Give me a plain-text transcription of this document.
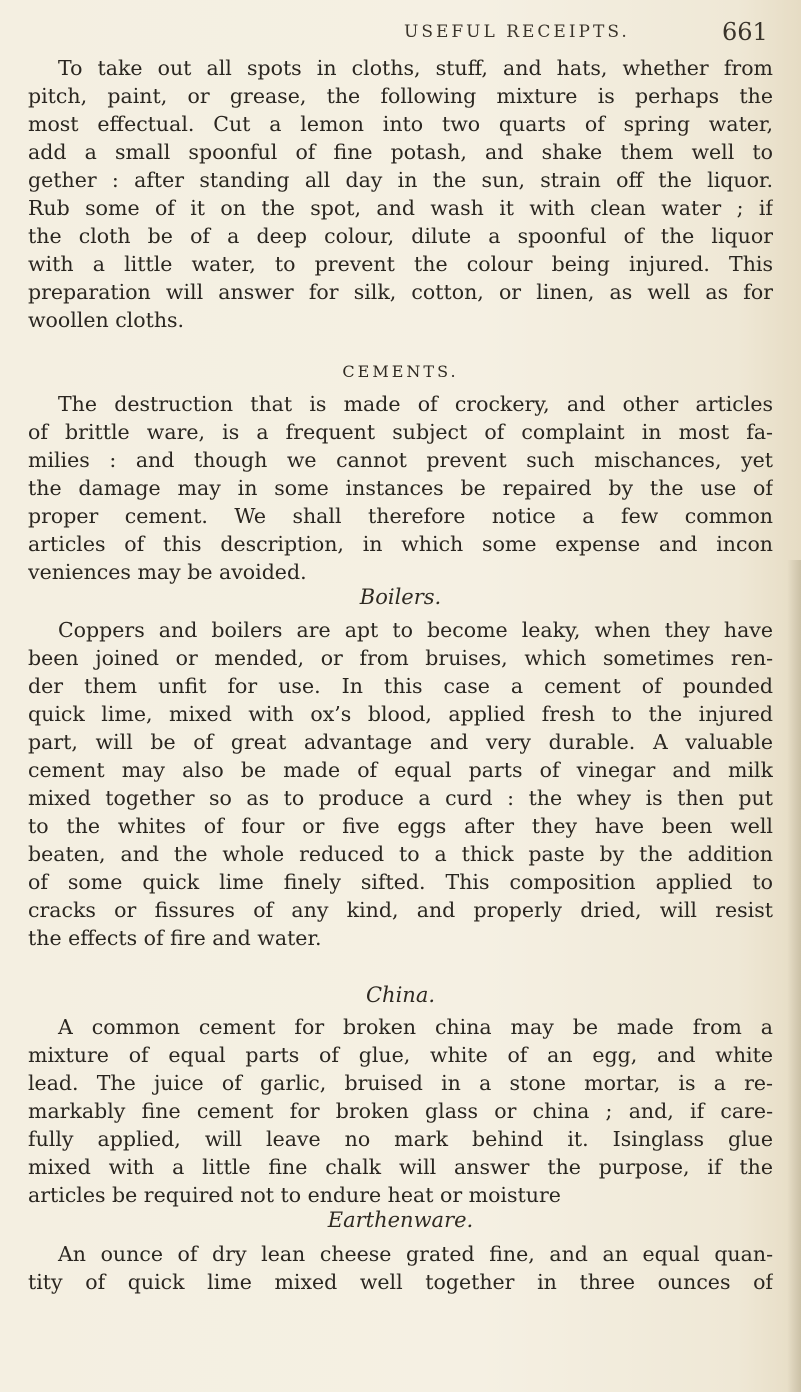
USEFUL RECEIPTS.	661
To take out all spots in cloths, stuff, and hats, whether from
pitch, paint, or grease, the following mixture is perhaps the
most effectual. Cut a lemon into two quarts of spring water,
add a small spoonful of fine potash, and shake them well to
gether : after standing all day in the sun, strain off the liquor.
Rub some of it on the spot, and wash it with clean water ; if
the cloth be of a deep colour, dilute a spoonful of the liquor
with a little water, to prevent the colour being injured. This
preparation will answer for silk, cotton, or linen, as well as for
woollen cloths.
CEMENTS.
The destruction that is made of crockery, and other articles
of brittle ware, is a frequent subject of complaint in most fa-
milies : and though we cannot prevent such mischances, yet
the damage may in some instances be repaired by the use of
proper cement. We shall therefore notice a few common
articles of this description, in which some expense and incon
veniences may be avoided.
Boilers.
Coppers and boilers are apt to become leaky, when they have
been joined or mended, or from bruises, which sometimes ren-
der them unfit for use. In this case a cement of pounded
quick lime, mixed with ox’s blood, applied fresh to the injured
part, will be of great advantage and very durable. A valuable
cement may also be made of equal parts of vinegar and milk
mixed together so as to produce a curd : the whey is then put
to the whites of four or five eggs after they have been well
beaten, and the whole reduced to a thick paste by the addition
of some quick lime finely sifted. This composition applied to
cracks or fissures of any kind, and properly dried, will resist
the effects of fire and water.
China.
A common cement for broken china may be made from a
mixture of equal parts of glue, white of an egg, and white
lead. The juice of garlic, bruised in a stone mortar, is a re-
markably fine cement for broken glass or china ; and, if care-
fully applied, will leave no mark behind it. Isinglass glue
mixed with a little fine chalk will answer the purpose, if the
articles be required not to endure heat or moisture
Earthenware.
An ounce of dry lean cheese grated fine, and an equal quan-
tity of quick lime mixed well together in three ounces of
